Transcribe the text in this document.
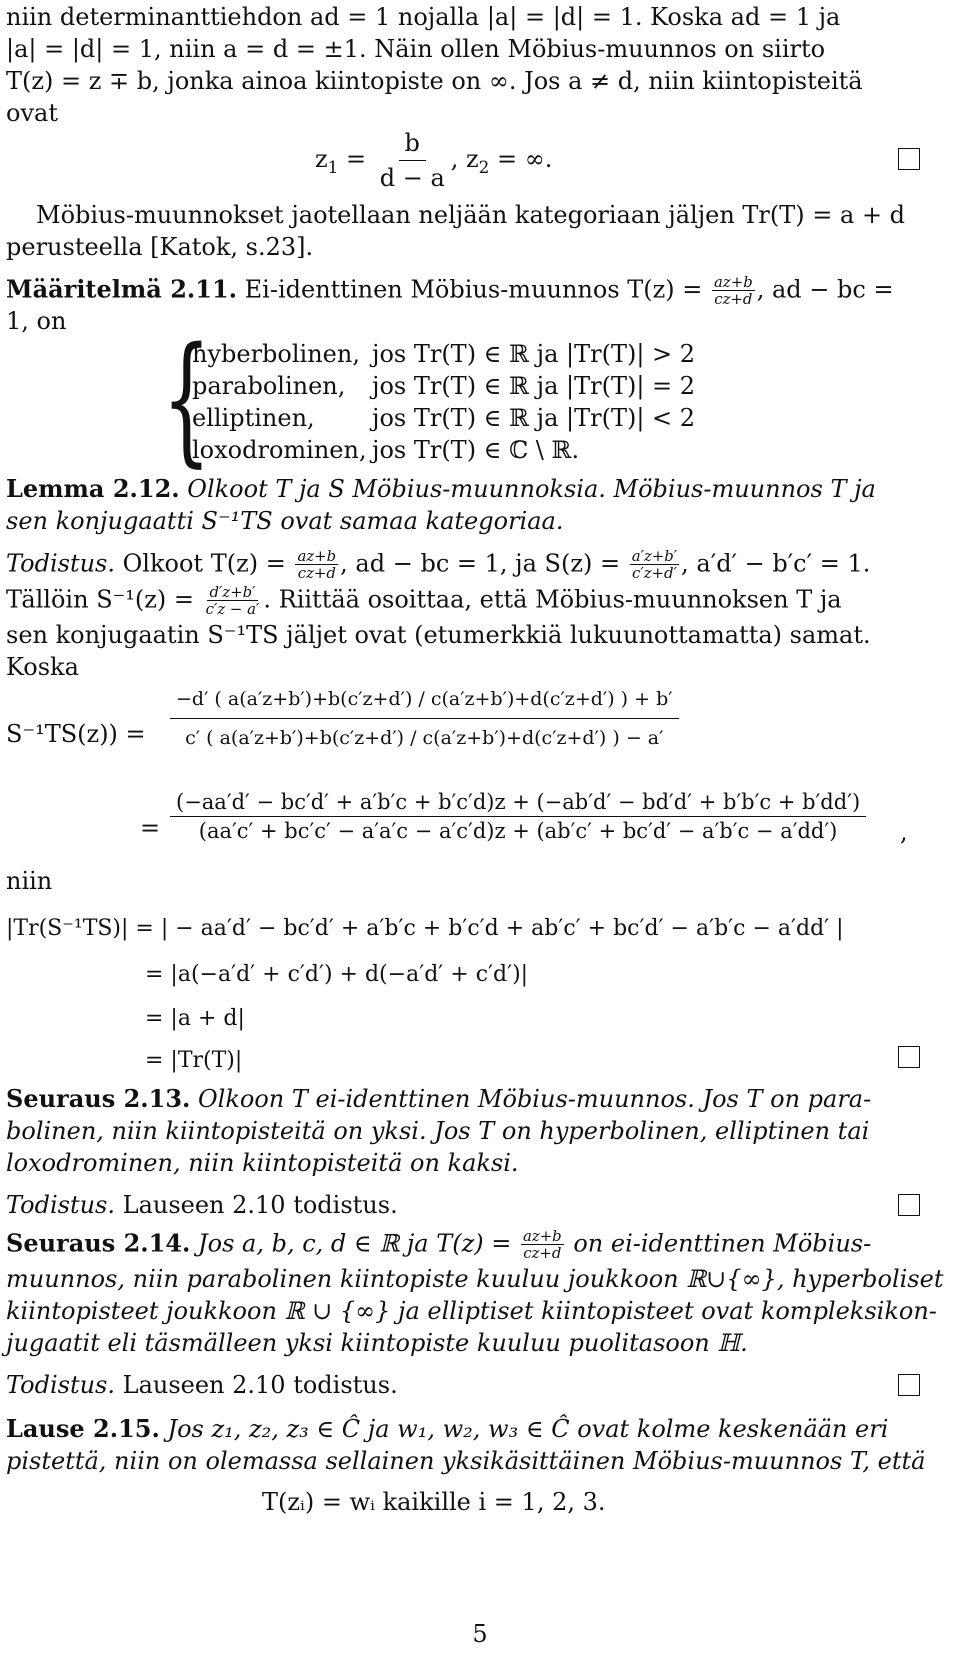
niin determinanttiehdon ad = 1 nojalla |a| = |d| = 1. Koska ad = 1 ja
|a| = |d| = 1, niin a = d = ±1. Näin ollen Möbius-muunnos on siirto
T(z) = z ∓ b, jonka ainoa kiintopiste on ∞. Jos a ≠ d, niin kiintopisteitä
ovat
$z_1 = \frac{b}{d - a}$ , $z_2$ = ∞.
Möbius-muunnokset jaotellaan neljään kategoriaan jäljen Tr(T) = a + d
perusteella [Katok, s.23].
Määritelmä 2.11. Ei-identtinen Möbius-muunnos $T(z) = \frac{az+b}{cz+d}$ , ad − bc =
1, on {
hyberbolinen,
parabolinen,
elliptinen,
loxodrominen,
jos Tr(T) ∈ ℝ ja |Tr(T)| > 2
jos Tr(T) ∈ ℝ ja |Tr(T)| = 2
jos Tr(T) ∈ ℝ ja |Tr(T)| < 2
jos Tr(T) ∈ ℂ \ ℝ.
Lemma 2.12. Olkoot T ja S Möbius-muunnoksia. Möbius-muunnos T ja
sen konjugaatti S⁻¹TS ovat samaa kategoriaa.
Todistus. Olkoot $T(z) = \frac{az+b}{cz+d}$ , ad − bc = 1, ja $S(z) = \frac{a'z+b'}{c'z+d'}$ , a′d′ − b′c′ = 1.
Tällöin $S^{-1}(z) = \frac{d'z+b'}{c'z - a'}$ . Riittää osoittaa, että Möbius-muunnoksen T ja
sen konjugaatin S⁻¹TS jäljet ovat (etumerkkiä lukuunottamatta) samat.
Koska
$S^{-1}TS(z)) = \frac{-d' ( a(a'z+b')+b(c'z+d') / c(a'z+b')+d(c'z+d') ) + b'}{c' ( a(a'z+b')+b(c'z+d') / c(a'z+b')+d(c'z+d') ) - a'}$
=
(−aa′d′ − bc′d′ + a′b′c + b′c′d)z + (−ab′d′ − bd′d′ + b′b′c + b′dd′)
(aa′c′ + bc′c′ − a′a′c − a′c′d)z + (ab′c′ + bc′d′ − a′b′c − a′dd′)	,
niin
|Tr(S⁻¹TS)| = | − aa′d′ − bc′d′ + a′b′c + b′c′d + ab′c′ + bc′d′ − a′b′c − a′dd′ |
= |a(−a′d′ + c′d′) + d(−a′d′ + c′d′)|
= |a + d|
= |Tr(T)|
Seuraus 2.13. Olkoon T ei-identtinen Möbius-muunnos. Jos T on para-
bolinen, niin kiintopisteitä on yksi. Jos T on hyperbolinen, elliptinen tai
loxodrominen, niin kiintopisteitä on kaksi.
Todistus. Lauseen 2.10 todistus.
Seuraus 2.14. Jos a, b, c, d ∈ ℝ ja $T(z) = \frac{az+b}{cz+d}$ on ei-identtinen Möbius-
muunnos, niin parabolinen kiintopiste kuuluu joukkoon ℝ∪{∞}, hyperboliset
kiintopisteet joukkoon ℝ ∪ {∞} ja elliptiset kiintopisteet ovat kompleksikon-
jugaatit eli täsmälleen yksi kiintopiste kuuluu puolitasoon ℍ.
Todistus. Lauseen 2.10 todistus.
Lause 2.15. Jos z₁, z₂, z₃ ∈ Ĉ ja w₁, w₂, w₃ ∈ Ĉ ovat kolme keskenään eri
pistettä, niin on olemassa sellainen yksikäsittäinen Möbius-muunnos T, että
T(zᵢ) = wᵢ kaikille i = 1, 2, 3.
5
